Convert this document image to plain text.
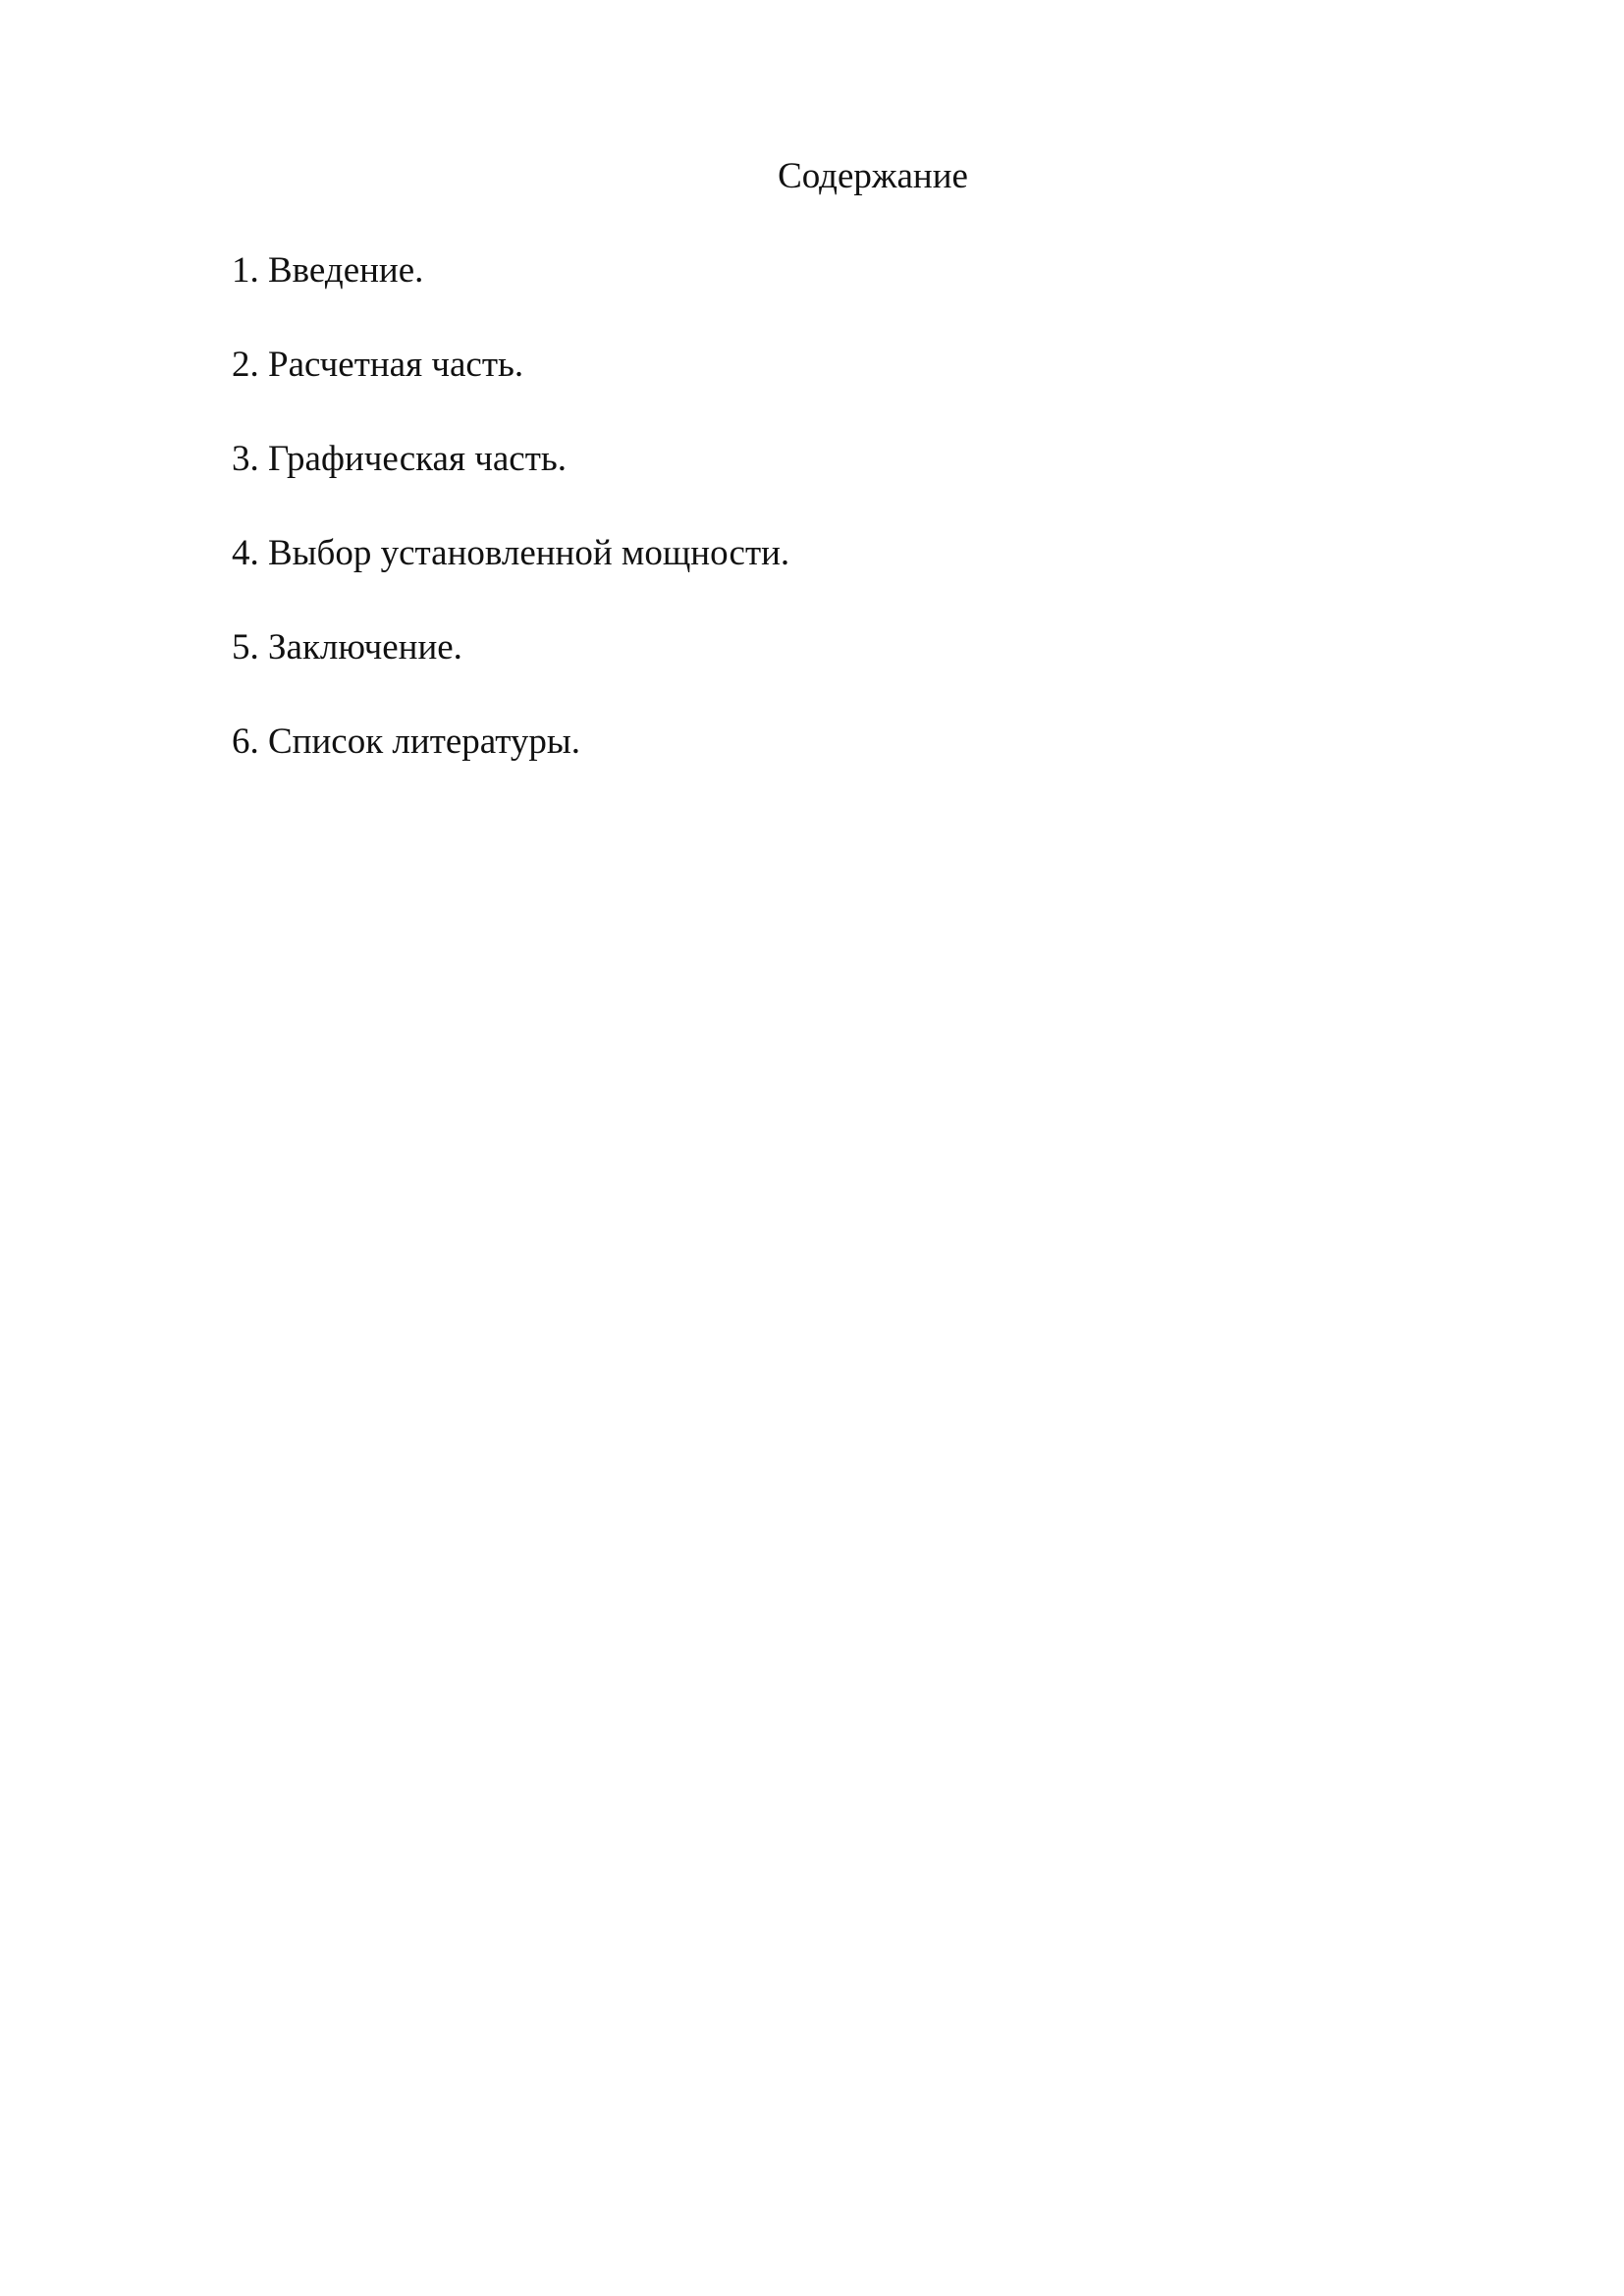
Содержание
1. Введение.
2. Расчетная часть.
3. Графическая часть.
4. Выбор установленной мощности.
5. Заключение.
6. Список литературы.
